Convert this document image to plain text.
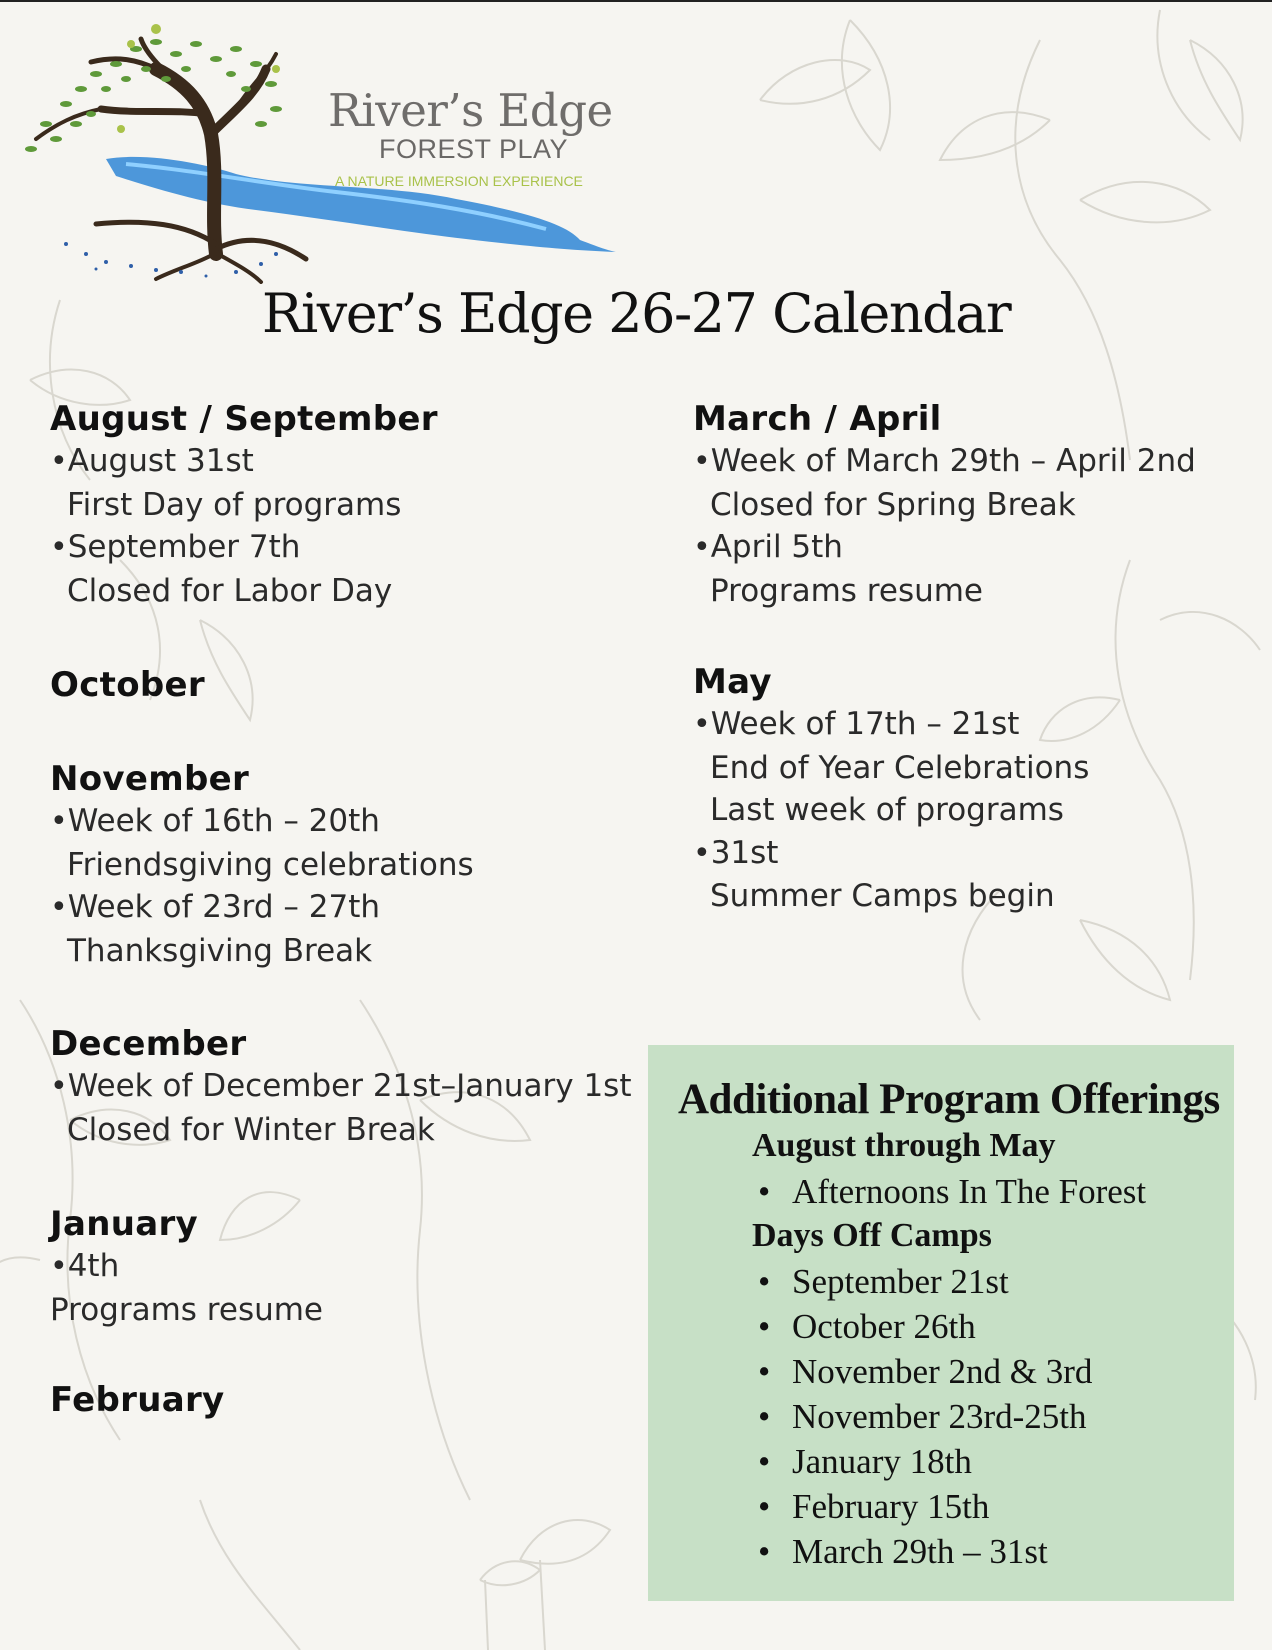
River’s Edge
FOREST PLAY
A NATURE IMMERSION EXPERIENCE
River’s Edge 26-27 Calendar
August / September
• August 31st
First Day of programs
• September 7th
Closed for Labor Day
October
November
• Week of 16th – 20th
Friendsgiving celebrations
• Week of 23rd – 27th
Thanksgiving Break
December
• Week of December 21st–January 1st
Closed for Winter Break
January
• 4th
Programs resume
February
March / April
• Week of March 29th – April 2nd
Closed for Spring Break
• April 5th
Programs resume
May
• Week of 17th – 21st
End of Year Celebrations
Last week of programs
• 31st
Summer Camps begin
Additional Program Offerings
August through May
• Afternoons In The Forest
Days Off Camps
• September 21st
• October 26th
• November 2nd & 3rd
• November 23rd-25th
• January 18th
• February 15th
• March 29th – 31st
